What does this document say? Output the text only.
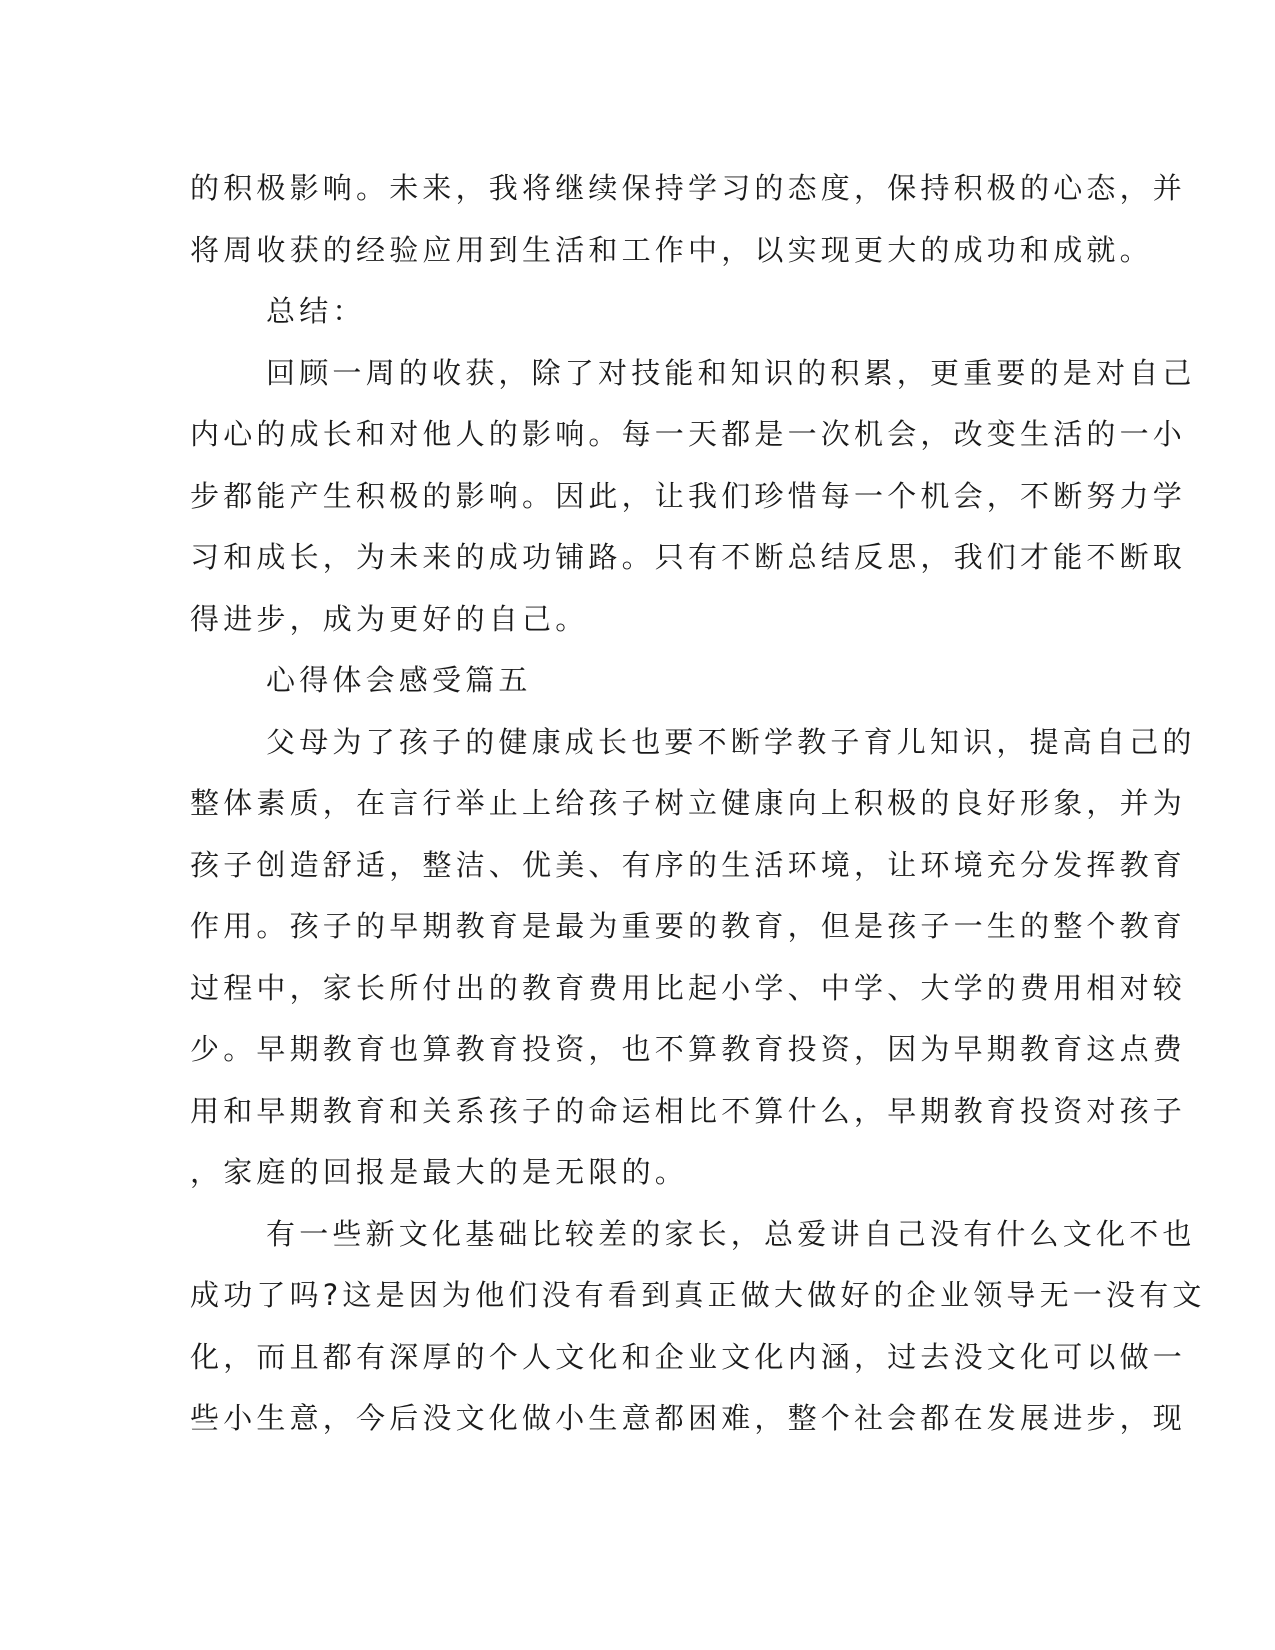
的积极影响。未来，我将继续保持学习的态度，保持积极的心态，并
将周收获的经验应用到生活和工作中，以实现更大的成功和成就。
总结：
回顾一周的收获，除了对技能和知识的积累，更重要的是对自己
内心的成长和对他人的影响。每一天都是一次机会，改变生活的一小
步都能产生积极的影响。因此，让我们珍惜每一个机会，不断努力学
习和成长，为未来的成功铺路。只有不断总结反思，我们才能不断取
得进步，成为更好的自己。
心得体会感受篇五
父母为了孩子的健康成长也要不断学教子育儿知识，提高自己的
整体素质，在言行举止上给孩子树立健康向上积极的良好形象，并为
孩子创造舒适，整洁、优美、有序的生活环境，让环境充分发挥教育
作用。孩子的早期教育是最为重要的教育，但是孩子一生的整个教育
过程中，家长所付出的教育费用比起小学、中学、大学的费用相对较
少。早期教育也算教育投资，也不算教育投资，因为早期教育这点费
用和早期教育和关系孩子的命运相比不算什么，早期教育投资对孩子
，家庭的回报是最大的是无限的。
有一些新文化基础比较差的家长，总爱讲自己没有什么文化不也
成功了吗?这是因为他们没有看到真正做大做好的企业领导无一没有文
化，而且都有深厚的个人文化和企业文化内涵，过去没文化可以做一
些小生意，今后没文化做小生意都困难，整个社会都在发展进步，现
